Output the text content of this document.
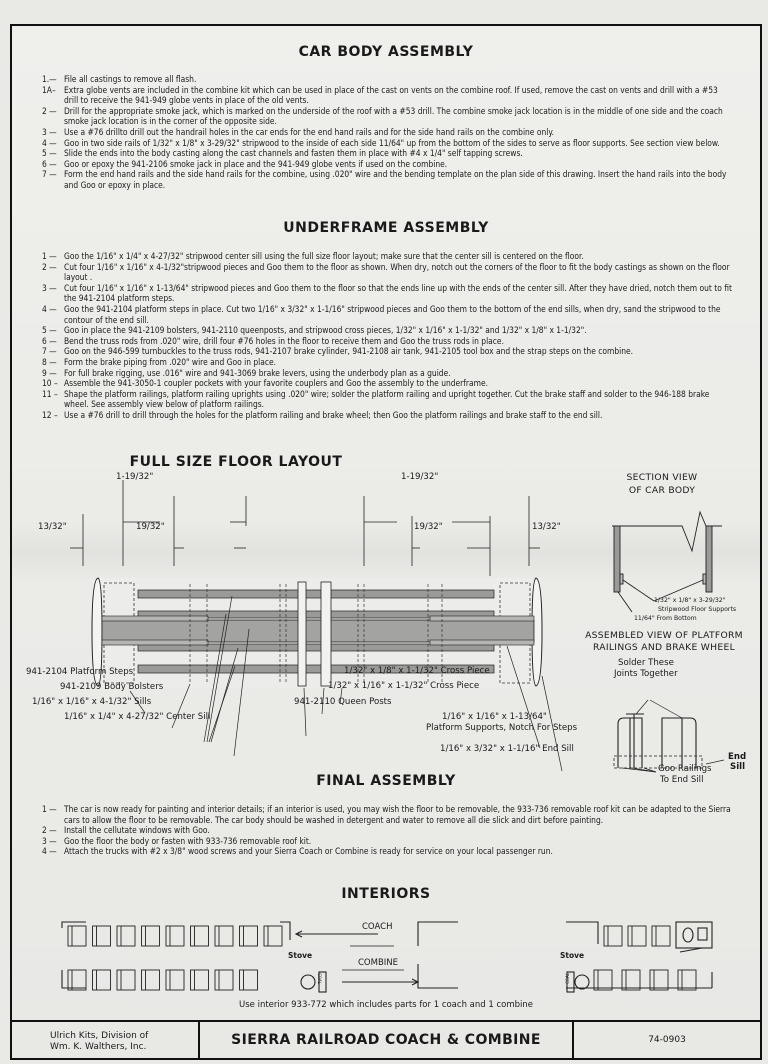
CAR BODY ASSEMBLY
1.— File all castings to remove all flash.
1A– Extra globe vents are included in the combine kit which can be used in place of the cast on vents on the combine roof. If used, remove the cast on vents and drill with a #53 drill to receive the 941-949 globe vents in place of the old vents.
2 — Drill for the appropriate smoke jack, which is marked on the underside of the roof with a #53 drill. The combine smoke jack location is in the middle of one side and the coach smoke jack location is in the corner of the opposite side.
3 — Use a #76 drillto drill out the handrail holes in the car ends for the end hand rails and for the side hand rails on the combine only.
4 — Goo in two side rails of 1/32" x 1/8" x 3-29/32" stripwood to the inside of each side 11/64" up from the bottom of the sides to serve as floor supports. See section view below.
5 — Slide the ends into the body casting along the cast channels and fasten them in place with #4 x 1/4" self tapping screws.
6 — Goo or epoxy the 941-2106 smoke jack in place and the 941-949 globe vents if used on the combine.
7 — Form the end hand rails and the side hand rails for the combine, using .020" wire and the bending template on the plan side of this drawing. Insert the hand rails into the body and Goo or epoxy in place.
UNDERFRAME ASSEMBLY
1 — Goo the 1/16" x 1/4" x 4-27/32" stripwood center sill using the full size floor layout; make sure that the center sill is centered on the floor.
2 — Cut four 1/16" x 1/16" x 4-1/32"stripwood pieces and Goo them to the floor as shown. When dry, notch out the corners of the floor to fit the body castings as shown on the floor layout .
3 — Cut four 1/16" x 1/16" x 1-13/64" stripwood pieces and Goo them to the floor so that the ends line up with the ends of the center sill. After they have dried, notch them out to fit the 941-2104 platform steps.
4 — Goo the 941-2104 platform steps in place. Cut two 1/16" x 3/32" x 1-1/16" stripwood pieces and Goo them to the bottom of the end sills, when dry, sand the stripwood to the contour of the end sill.
5 — Goo in place the 941-2109 bolsters, 941-2110 queenposts, and stripwood cross pieces, 1/32" x 1/16" x 1-1/32" and 1/32" x 1/8" x 1-1/32".
6 — Bend the truss rods from .020" wire, drill four #76 holes in the floor to receive them and Goo the truss rods in place.
7 — Goo on the 946-599 turnbuckles to the truss rods, 941-2107 brake cylinder, 941-2108 air tank, 941-2105 tool box and the strap steps on the combine.
8 — Form the brake piping from .020" wire and Goo in place.
9 — For full brake rigging, use .016" wire and 941-3069 brake levers, using the underbody plan as a guide.
10 – Assemble the 941-3050-1 coupler pockets with your favorite couplers and Goo the assembly to the underframe.
11 – Shape the platform railings, platform railing uprights using .020" wire; solder the platform railing and upright together. Cut the brake staff and solder to the 946-188 brake wheel. See assembly view below of platform railings.
12 – Use a #76 drill to drill through the holes for the platform railing and brake wheel; then Goo the platform railings and brake staff to the end sill.
FULL SIZE FLOOR LAYOUT
1-19/32"	1-19/32"
19/32"	19/32"
13/32"	13/32"
941-2104 Platform Steps
941-2109 Body Bolsters
1/16" x 1/16" x 4-1/32" Sills
1/16" x 1/4" x 4-27/32" Center Sill
941-2110 Queen Posts
1/32" x 1/8" x 1-1/32" Cross Piece
1/32" x 1/16" x 1-1/32" Cross Piece
1/16" x 1/16" x 1-13/64"
Platform Supports, Notch For Steps
1/16" x 3/32" x 1-1/16" End Sill
SECTION VIEW
OF CAR BODY
1/32" x 1/8" x 3-29/32"
Stripwood Floor Supports
11/64" From Bottom
ASSEMBLED VIEW OF PLATFORM
RAILINGS AND BRAKE WHEEL
Solder These
Joints Together
End
Sill
Goo Railings
To End Sill
FINAL ASSEMBLY
1 — The car is now ready for painting and interior details; if an interior is used, you may wish the floor to be removable, the 933-736 removable roof kit can be adapted to the Sierra cars to allow the floor to be removable. The car body should be washed in detergent and water to remove all die slick and dirt before painting.
2 — Install the cellutate windows with Goo.
3 — Goo the floor the body or fasten with 933-736 removable roof kit.
4 — Attach the trucks with #2 x 3/8" wood screws and your Sierra Coach or Combine is ready for service on your local passenger run.
INTERIORS
COACH
COMBINE
Stove	Stove
COAL	COAL
Use interior 933-772 which includes parts for 1 coach and 1 combine
Ulrich Kits, Division of
Wm. K. Walthers, Inc.	SIERRA RAILROAD COACH & COMBINE	74-0903
